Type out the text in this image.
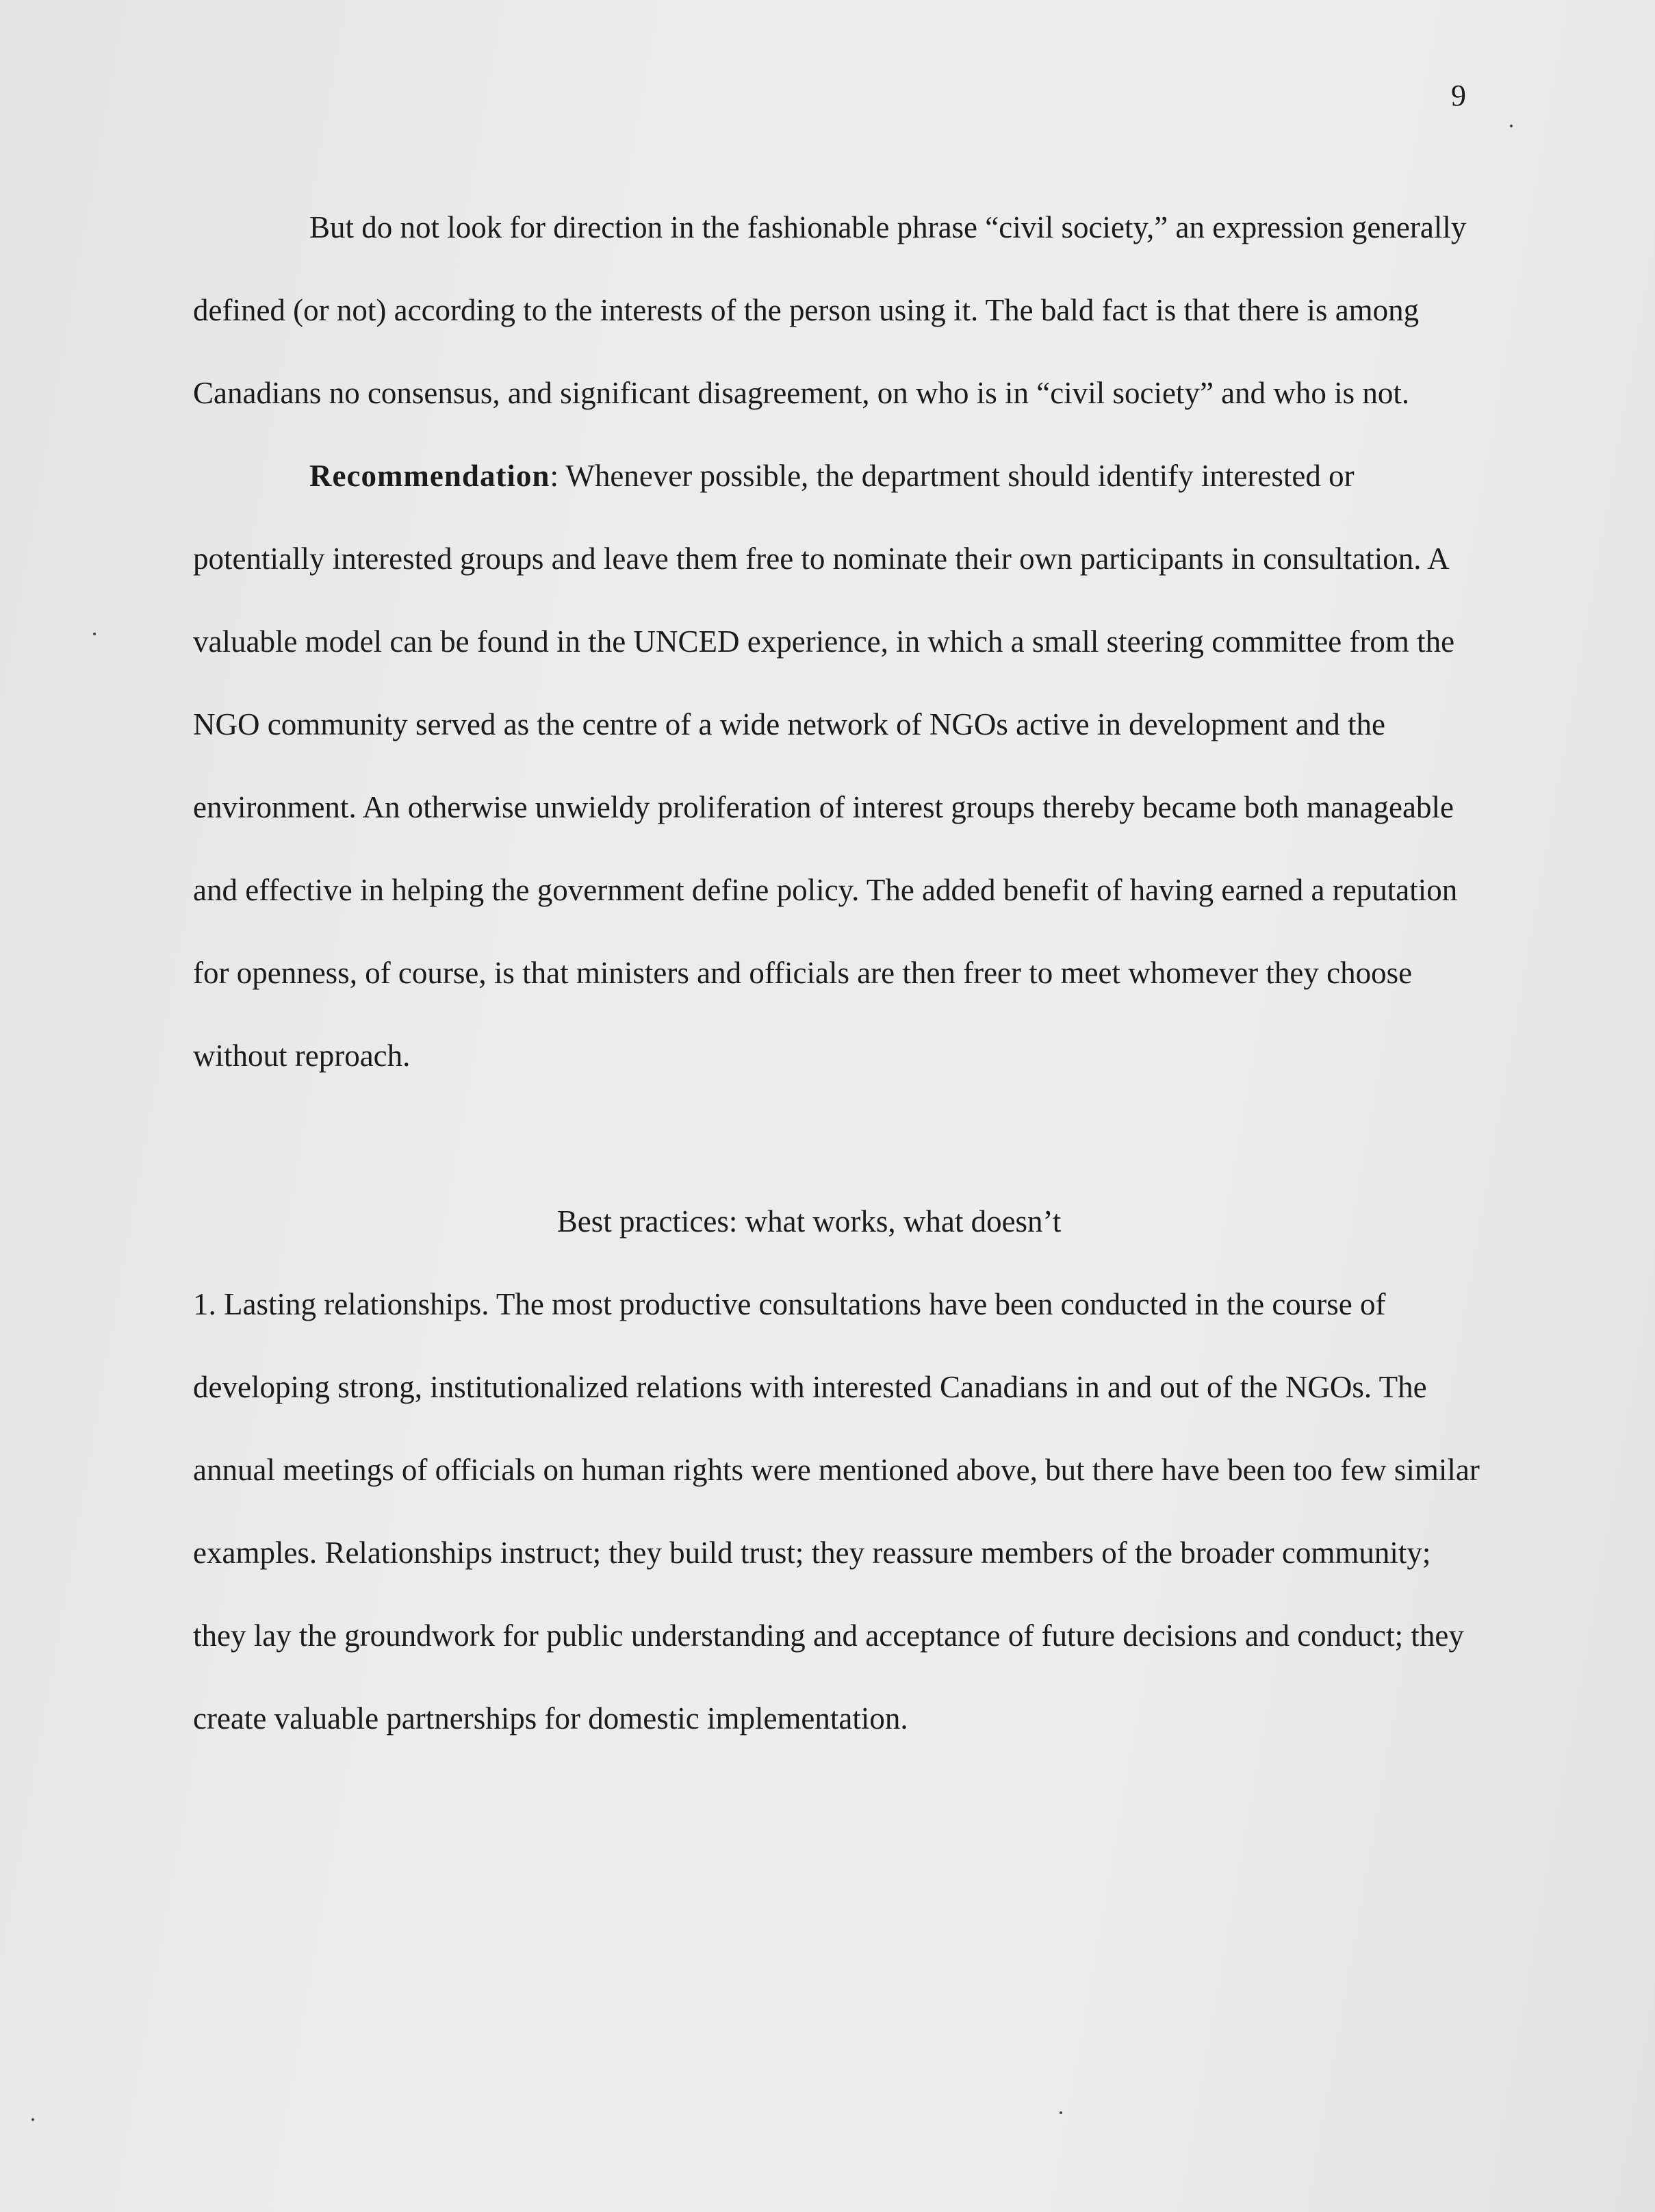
9

But do not look for direction in the fashionable phrase “civil society,” an expression generally defined (or not) according to the interests of the person using it. The bald fact is that there is among Canadians no consensus, and significant disagreement, on who is in “civil society” and who is not.

Recommendation: Whenever possible, the department should identify interested or potentially interested groups and leave them free to nominate their own participants in consultation. A valuable model can be found in the UNCED experience, in which a small steering committee from the NGO community served as the centre of a wide network of NGOs active in development and the environment. An otherwise unwieldy proliferation of interest groups thereby became both manageable and effective in helping the government define policy. The added benefit of having earned a reputation for openness, of course, is that ministers and officials are then freer to meet whomever they choose without reproach.

Best practices: what works, what doesn’t

1. Lasting relationships. The most productive consultations have been conducted in the course of developing strong, institutionalized relations with interested Canadians in and out of the NGOs. The annual meetings of officials on human rights were mentioned above, but there have been too few similar examples. Relationships instruct; they build trust; they reassure members of the broader community; they lay the groundwork for public understanding and acceptance of future decisions and conduct; they create valuable partnerships for domestic implementation.
